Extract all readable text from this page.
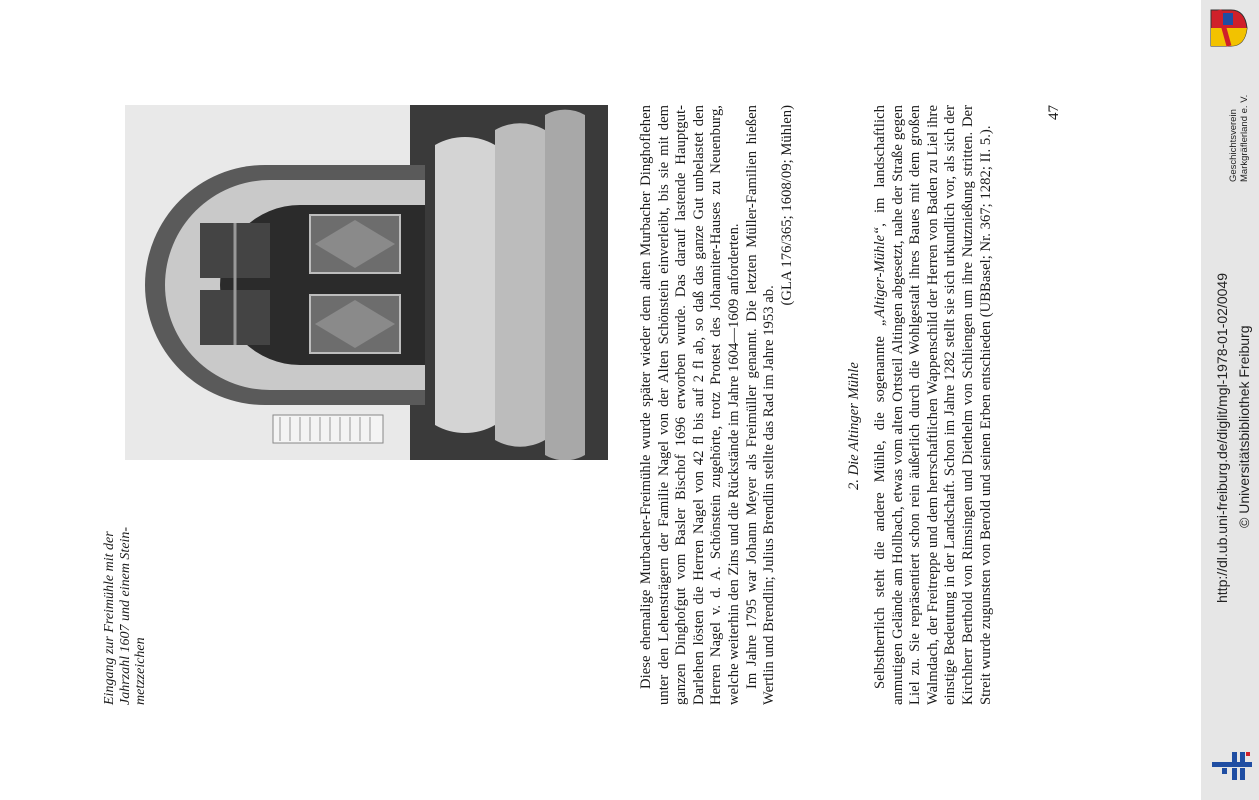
Eingang zur Freimühle mit der Jahrzahl 1607 und einem Stein- metzzeichen	Diese ehemalige Murbacher-Freimühle wurde später wieder dem alten Murbacher Dinghoflehen unter den Lehensträgern der Familie Nagel von der Alten Schönstein einverleibt, bis sie mit dem ganzen Dinghofgut vom Basler Bischof 1696 erworben wurde. Das darauf lastende Hauptgut-Darlehen lösten die Herren Nagel von 42 fl bis auf 2 fl ab, so daß das ganze Gut unbelastet den Herren Nagel v. d. A. Schönstein zugehörte, trotz Protest des Johanniter-Hauses zu Neuenburg, welche weiterhin den Zins und die Rückstände im Jahre 1604—1609 anforderten. Im Jahre 1795 war Johann Meyer als Freimüller genannt. Die letzten Müller-Familien hießen Wertlin und Brendlin; Julius Brendlin stellte das Rad im Jahre 1953 ab.

(GLA 176/365; 1608/09; Mühlen)
2. Die Altinger Mühle Selbstherrlich steht die andere Mühle, die sogenannte „Altiger-Mühle“, im landschaftlich anmutigen Gelände am Hollbach, etwas vom alten Ortsteil Altingen abgesetzt, nahe der Straße gegen Liel zu. Sie repräsentiert schon rein äußerlich durch die Wohlgestalt ihres Baues mit dem großen Walmdach, der Freitreppe und dem herrschaftlichen Wappenschild der Herren von Baden zu Liel ihre einstige Bedeutung in der Landschaft. Schon im Jahre 1282 stellt sie sich urkundlich vor, als sich der Kirchherr Berthold von Rimsingen und Diethelm von Schliengen um ihre Nutznießung stritten. Der Streit wurde zugunsten von Berold und seinen Erben entschieden (UBBasel; Nr. 367; 1282; II. 5.).

47	Geschichtsverein Markgräflerland e. V.
http://dl.ub.uni-freiburg.de/diglit/mgl-1978-01-02/0049 © Universitätsbibliothek Freiburg
